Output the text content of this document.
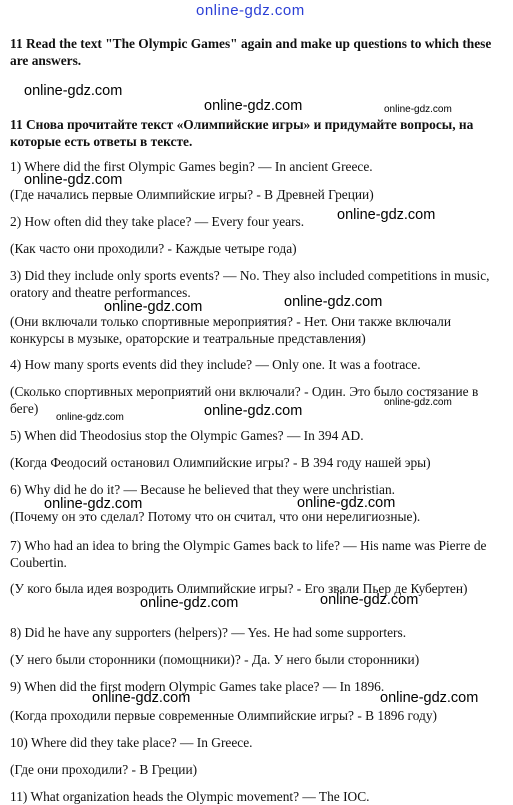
online-gdz.com
11 Read the text "The Olympic Games" again and make up questions to which these are answers.
online-gdz.com
online-gdz.com	online-gdz.com
11 Снова прочитайте текст «Олимпийские игры» и придумайте вопросы, на которые есть ответы в тексте.
1) Where did the first Olympic Games begin? — In ancient Greece.
online-gdz.com
(Где начались первые Олимпийские игры? - В Древней Греции)
2) How often did they take place? — Every four years.	online-gdz.com
(Как часто они проходили? - Каждые четыре года)
3) Did they include only sports events? — No. They also included competitions in music, oratory and theatre performances.
online-gdz.com	online-gdz.com
(Они включали только спортивные мероприятия? - Нет. Они также включали конкурсы в музыке, ораторские и театральные представления)
4) How many sports events did they include? — Only one. It was a footrace.
(Сколько спортивных мероприятий они включали? - Один. Это было состязание в беге)	online-gdz.com
online-gdz.com
online-gdz.com
5) When did Theodosius stop the Olympic Games? — In 394 AD.
(Когда Феодосий остановил Олимпийские игры? - В 394 году нашей эры)
6) Why did he do it? — Because he believed that they were unchristian.
online-gdz.com	online-gdz.com
(Почему он это сделал? Потому что он считал, что они нерелигиозные).
7) Who had an idea to bring the Olympic Games back to life? — His name was Pierre de Coubertin.
(У кого была идея возродить Олимпийские игры? - Его звали Пьер де Кубертен)
online-gdz.com	online-gdz.com
8) Did he have any supporters (helpers)? — Yes. He had some supporters.
(У него были сторонники (помощники)? - Да. У него были сторонники)
9) When did the first modern Olympic Games take place? — In 1896.
online-gdz.com	online-gdz.com
(Когда проходили первые современные Олимпийские игры? - В 1896 году)
10) Where did they take place? — In Greece.
(Где они проходили? - В Греции)
11) What organization heads the Olympic movement? — The IOC.
